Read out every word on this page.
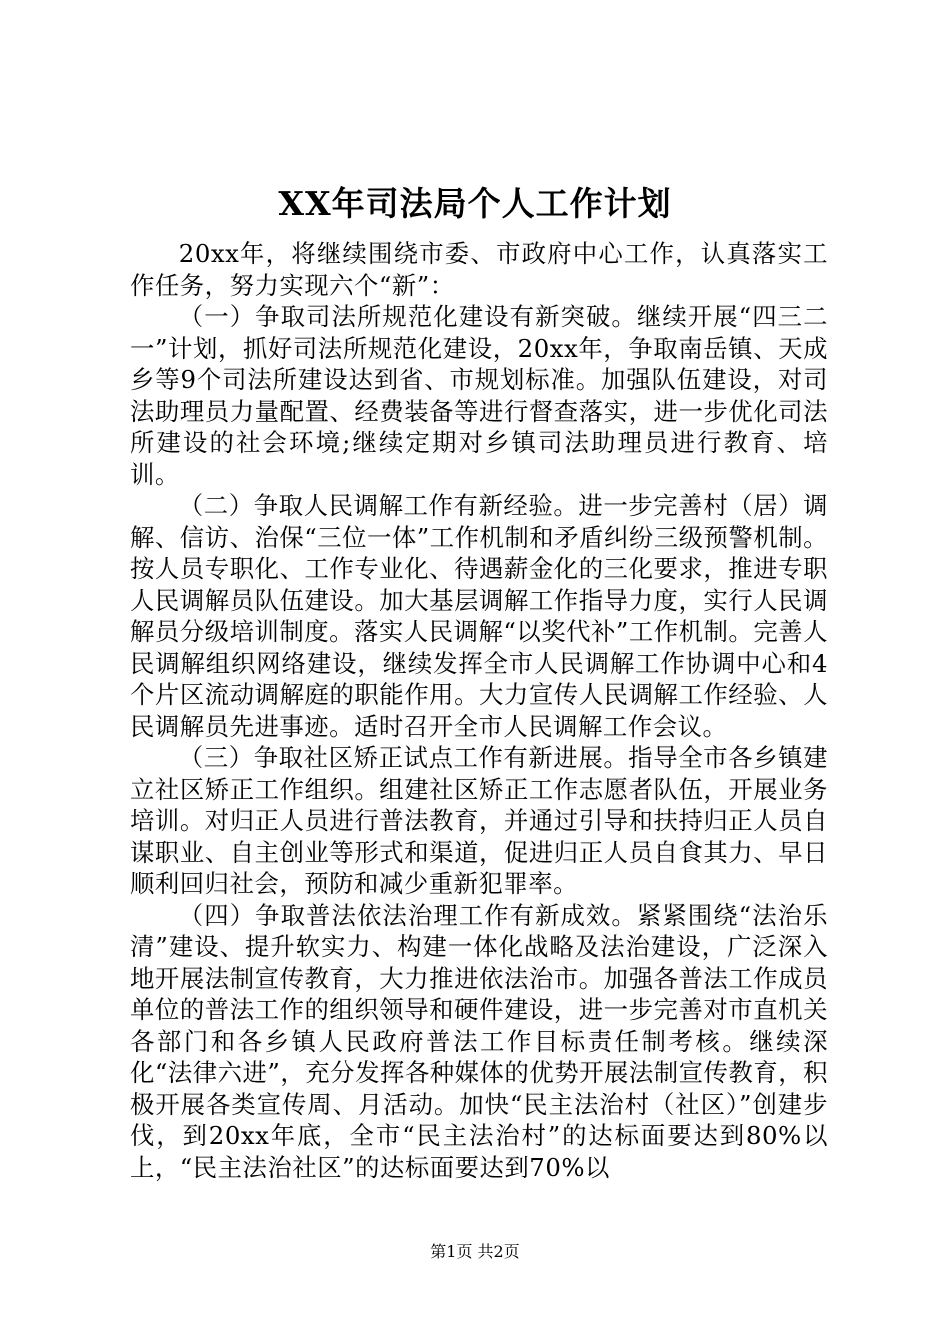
XX年司法局个人工作计划

20xx年，将继续围绕市委、市政府中心工作，认真落实工作任务，努力实现六个“新”：

（一）争取司法所规范化建设有新突破。继续开展“四三二一”计划，抓好司法所规范化建设，20xx年，争取南岳镇、天成乡等9个司法所建设达到省、市规划标准。加强队伍建设，对司法助理员力量配置、经费装备等进行督查落实，进一步优化司法所建设的社会环境;继续定期对乡镇司法助理员进行教育、培训。

（二）争取人民调解工作有新经验。进一步完善村（居）调解、信访、治保“三位一体”工作机制和矛盾纠纷三级预警机制。按人员专职化、工作专业化、待遇薪金化的三化要求，推进专职人民调解员队伍建设。加大基层调解工作指导力度，实行人民调解员分级培训制度。落实人民调解“以奖代补”工作机制。完善人民调解组织网络建设，继续发挥全市人民调解工作协调中心和4个片区流动调解庭的职能作用。大力宣传人民调解工作经验、人民调解员先进事迹。适时召开全市人民调解工作会议。

（三）争取社区矫正试点工作有新进展。指导全市各乡镇建立社区矫正工作组织。组建社区矫正工作志愿者队伍，开展业务培训。对归正人员进行普法教育，并通过引导和扶持归正人员自谋职业、自主创业等形式和渠道，促进归正人员自食其力、早日顺利回归社会，预防和减少重新犯罪率。

（四）争取普法依法治理工作有新成效。紧紧围绕“法治乐清”建设、提升软实力、构建一体化战略及法治建设，广泛深入地开展法制宣传教育，大力推进依法治市。加强各普法工作成员单位的普法工作的组织领导和硬件建设，进一步完善对市直机关各部门和各乡镇人民政府普法工作目标责任制考核。继续深化“法律六进”，充分发挥各种媒体的优势开展法制宣传教育，积极开展各类宣传周、月活动。加快“民主法治村（社区）”创建步伐，到20xx年底，全市“民主法治村”的达标面要达到80%以上，“民主法治社区”的达标面要达到70%以

第1页 共2页
